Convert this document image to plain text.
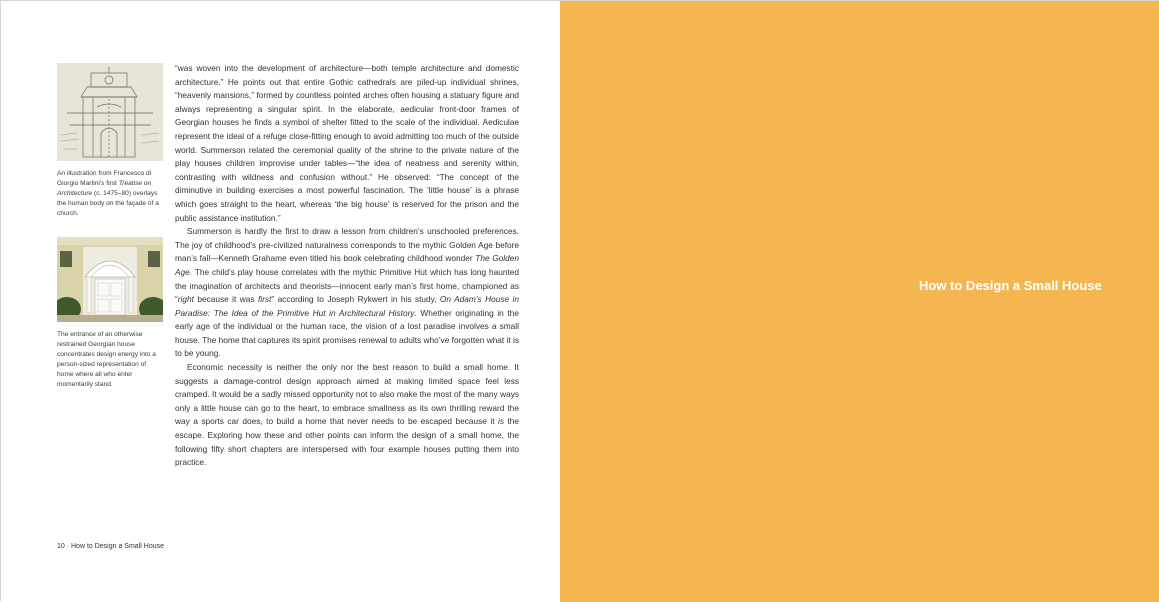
An illustration from Francesco di Giorgio Martini's first Treatise on Architecture (c. 1475–80) overlays the human body on the façade of a church.
The entrance of an otherwise restrained Georgian house concentrates design energy into a person-sized representation of home where all who enter momentarily stand.

“was woven into the development of architecture—both temple architecture and domestic architecture.” He points out that entire Gothic cathedrals are piled-up individual shrines, “heavenly mansions,” formed by countless pointed arches often housing a statuary figure and always representing a singular spirit. In the elaborate, aedicular front-door frames of Georgian houses he finds a symbol of shelter fitted to the scale of the individual. Aediculae represent the ideal of a refuge close-fitting enough to avoid admitting too much of the outside world. Summerson related the ceremonial quality of the shrine to the private nature of the play houses children improvise under tables—“the idea of neatness and serenity within, contrasting with wildness and confusion without.” He observed: “The concept of the diminutive in building exercises a most powerful fascination. The ‘little house’ is a phrase which goes straight to the heart, whereas ‘the big house’ is reserved for the prison and the public assistance institution.”

Summerson is hardly the first to draw a lesson from children’s unschooled preferences. The joy of childhood’s pre-civilized naturalness corresponds to the mythic Golden Age before man’s fall—Kenneth Grahame even titled his book celebrating childhood wonder The Golden Age. The child’s play house correlates with the mythic Primitive Hut which has long haunted the imagination of architects and theorists—innocent early man’s first home, championed as “right because it was first” according to Joseph Rykwert in his study, On Adam’s House in Paradise: The Idea of the Primitive Hut in Architectural History. Whether originating in the early age of the individual or the human race, the vision of a lost paradise involves a small house. The home that captures its spirit promises renewal to adults who’ve forgotten what it is to be young.

Economic necessity is neither the only nor the best reason to build a small home. It suggests a damage-control design approach aimed at making limited space feel less cramped. It would be a sadly missed opportunity not to also make the most of the many ways only a little house can go to the heart, to embrace smallness as its own thrilling reward the way a sports car does, to build a home that never needs to be escaped because it is the escape. Exploring how these and other points can inform the design of a small home, the following fifty short chapters are interspersed with four example houses putting them into practice.

10 · How to Design a Small House
How to Design a Small House
